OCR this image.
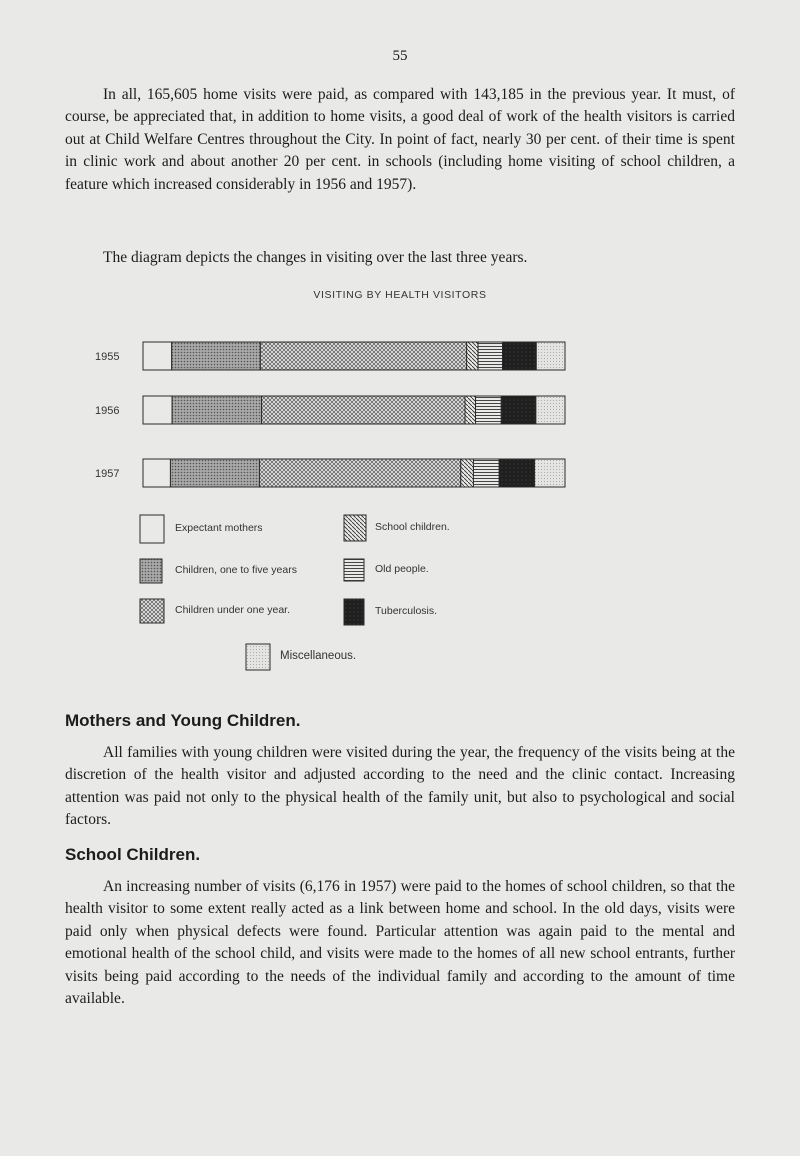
55

In all, 165,605 home visits were paid, as compared with 143,185 in the previous year. It must, of course, be appreciated that, in addition to home visits, a good deal of work of the health visitors is carried out at Child Welfare Centres throughout the City. In point of fact, nearly 30 per cent. of their time is spent in clinic work and about another 20 per cent. in schools (including home visiting of school children, a feature which increased considerably in 1956 and 1957).

The diagram depicts the changes in visiting over the last three years.

VISITING BY HEALTH VISITORS
1955
1956
1957
Expectant mothers
Children, one to five years
Children under one year.
School children.
Old people.
Tuberculosis.
Miscellaneous.
Mothers and Young Children.

All families with young children were visited during the year, the frequency of the visits being at the discretion of the health visitor and adjusted according to the need and the clinic contact. Increasing attention was paid not only to the physical health of the family unit, but also to psychological and social factors.

School Children.

An increasing number of visits (6,176 in 1957) were paid to the homes of school children, so that the health visitor to some extent really acted as a link between home and school. In the old days, visits were paid only when physical defects were found. Particular attention was again paid to the mental and emotional health of the school child, and visits were made to the homes of all new school entrants, further visits being paid according to the needs of the individual family and according to the amount of time available.
